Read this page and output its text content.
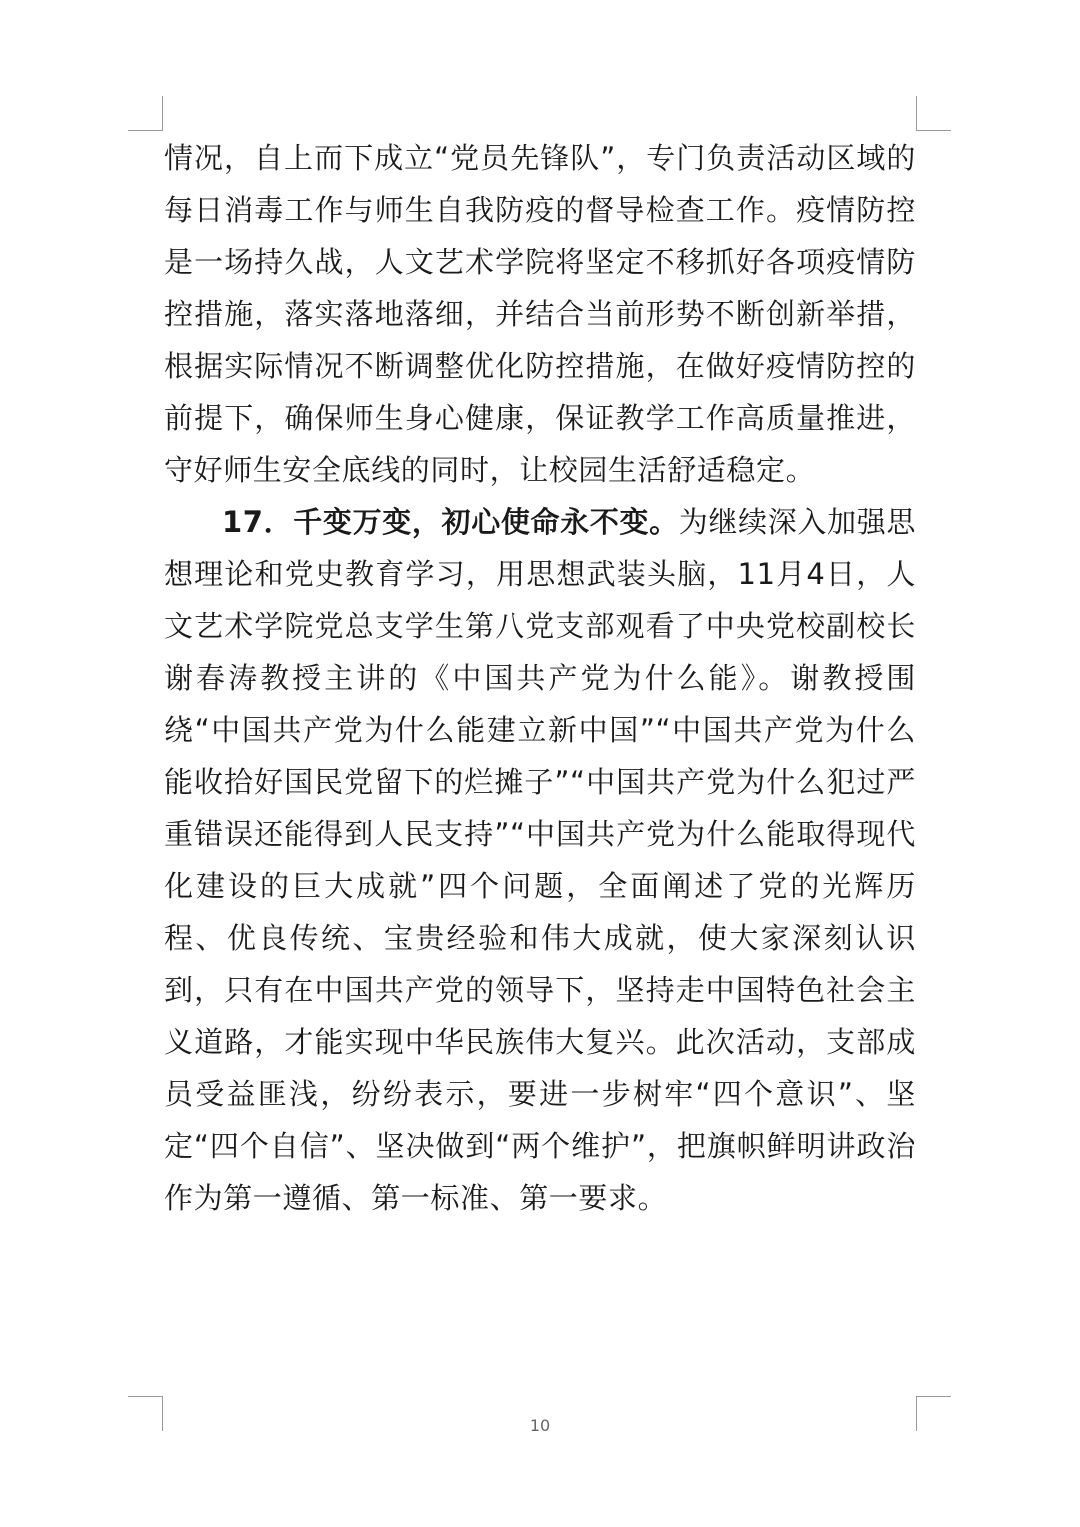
情况，自上而下成立“党员先锋队”，专门负责活动区域的每日消毒工作与师生自我防疫的督导检查工作。疫情防控是一场持久战，人文艺术学院将坚定不移抓好各项疫情防控措施，落实落地落细，并结合当前形势不断创新举措，根据实际情况不断调整优化防控措施，在做好疫情防控的前提下，确保师生身心健康，保证教学工作高质量推进，守好师生安全底线的同时，让校园生活舒适稳定。

17．千变万变，初心使命永不变。为继续深入加强思想理论和党史教育学习，用思想武装头脑，11月4日，人文艺术学院党总支学生第八党支部观看了中央党校副校长谢春涛教授主讲的《中国共产党为什么能》。谢教授围绕“中国共产党为什么能建立新中国”“中国共产党为什么能收拾好国民党留下的烂摊子”“中国共产党为什么犯过严重错误还能得到人民支持”“中国共产党为什么能取得现代化建设的巨大成就”四个问题，全面阐述了党的光辉历程、优良传统、宝贵经验和伟大成就，使大家深刻认识到，只有在中国共产党的领导下，坚持走中国特色社会主义道路，才能实现中华民族伟大复兴。此次活动，支部成员受益匪浅，纷纷表示，要进一步树牢“四个意识”、坚定“四个自信”、坚决做到“两个维护”，把旗帜鲜明讲政治作为第一遵循、第一标准、第一要求。

10
